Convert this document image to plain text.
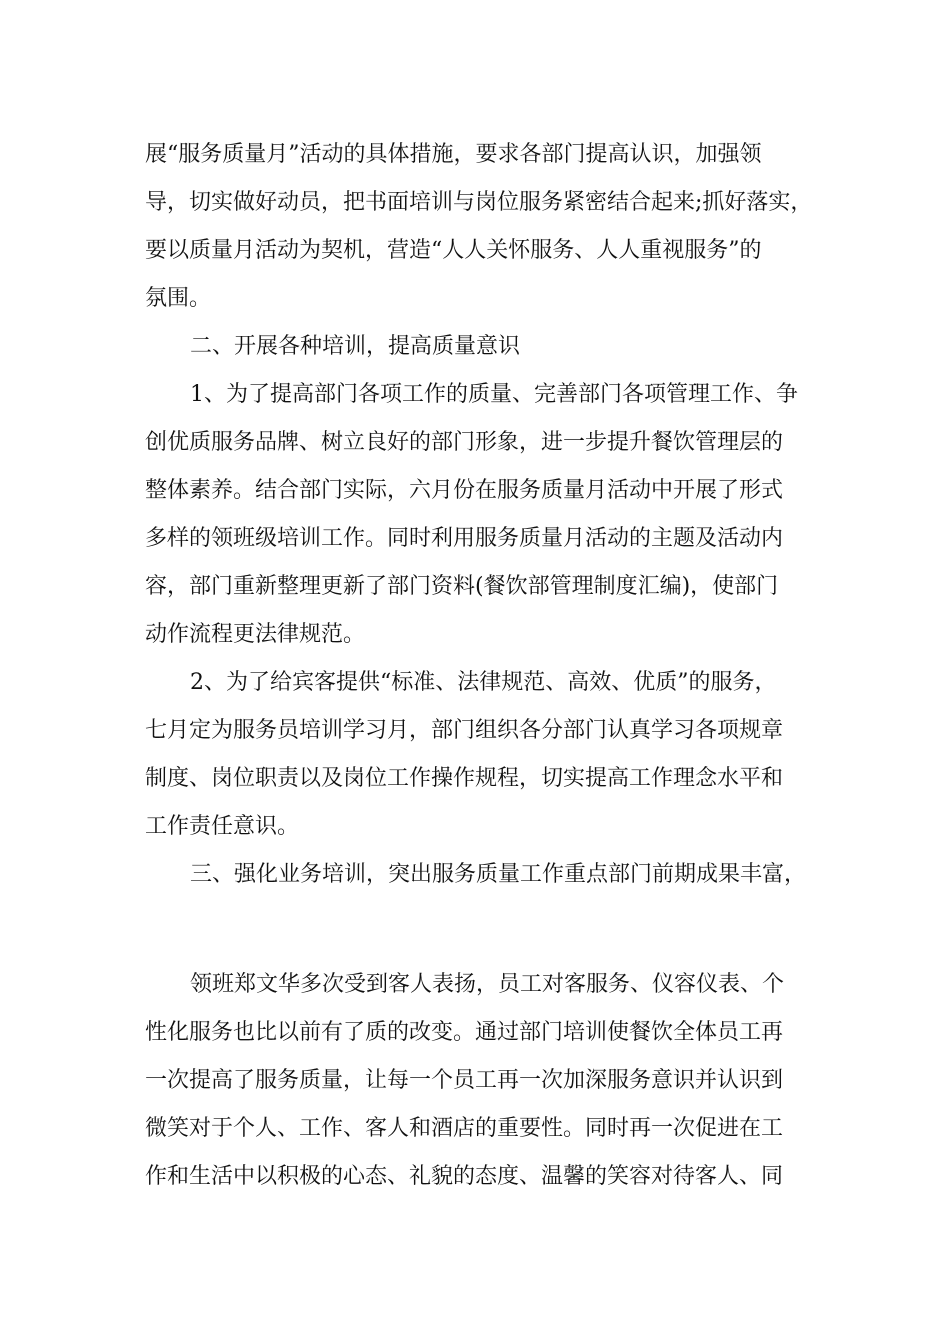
展“服务质量月”活动的具体措施，要求各部门提高认识，加强领
导，切实做好动员，把书面培训与岗位服务紧密结合起来;抓好落实，
要以质量月活动为契机，营造“人人关怀服务、人人重视服务”的
氛围。
二、开展各种培训，提高质量意识
1、为了提高部门各项工作的质量、完善部门各项管理工作、争
创优质服务品牌、树立良好的部门形象，进一步提升餐饮管理层的
整体素养。结合部门实际，六月份在服务质量月活动中开展了形式
多样的领班级培训工作。同时利用服务质量月活动的主题及活动内
容，部门重新整理更新了部门资料(餐饮部管理制度汇编)，使部门
动作流程更法律规范。
2、为了给宾客提供“标准、法律规范、高效、优质”的服务，
七月定为服务员培训学习月，部门组织各分部门认真学习各项规章
制度、岗位职责以及岗位工作操作规程，切实提高工作理念水平和
工作责任意识。
三、强化业务培训，突出服务质量工作重点部门前期成果丰富，
领班郑文华多次受到客人表扬，员工对客服务、仪容仪表、个
性化服务也比以前有了质的改变。通过部门培训使餐饮全体员工再
一次提高了服务质量，让每一个员工再一次加深服务意识并认识到
微笑对于个人、工作、客人和酒店的重要性。同时再一次促进在工
作和生活中以积极的心态、礼貌的态度、温馨的笑容对待客人、同
